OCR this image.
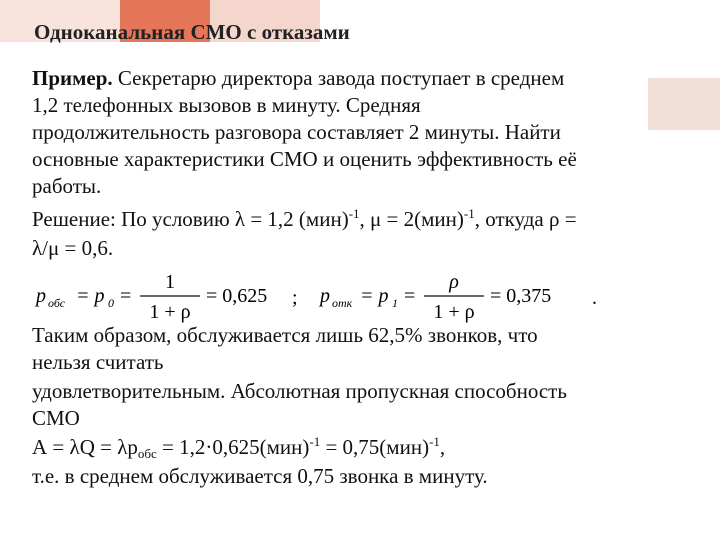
Одноканальная СМО с отказами
Пример. Секретарю директора завода поступает в среднем
1,2 телефонных вызовов в минуту. Средняя
продолжительность разговора составляет 2 минуты. Найти
основные характеристики СМО и оценить эффективность её
работы.
Решение: По условию λ = 1,2 (мин)$^{-1}$, μ = 2(мин)$^{-1}$, откуда ρ =
λ/μ = 0,6.
p обс = p 0 =
1
1 + ρ
= 0,625 ; p отк = p 1 =
ρ
1 + ρ
= 0,375 .
Таким образом, обслуживается лишь 62,5% звонков, что
нельзя считать
удовлетворительным. Абсолютная пропускная способность
СМО
$А = \lambda Q = \lambda p_{обс} = 1,2\cdot 0,625(мин)^{-1} = 0,75(мин)^{-1}$,
т.е. в среднем обслуживается 0,75 звонка в минуту.
